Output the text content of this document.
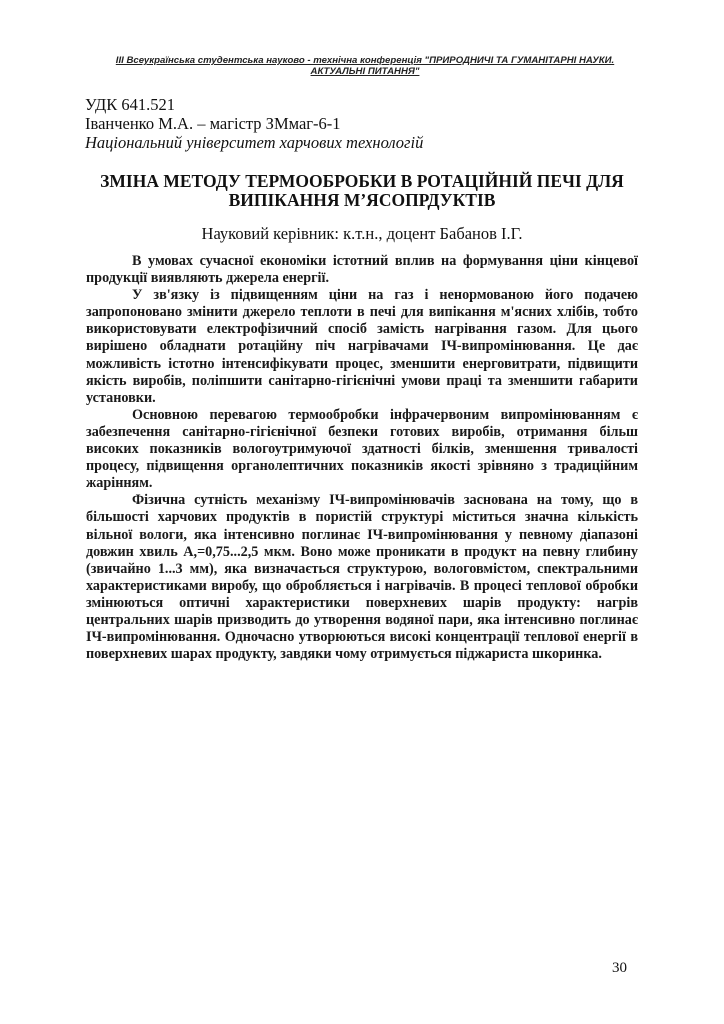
III Всеукраїнська студентська науково - технічна конференція "ПРИРОДНИЧІ ТА ГУМАНІТАРНІ НАУКИ.
АКТУАЛЬНІ ПИТАННЯ"
УДК 641.521
Іванченко М.А. – магістр ЗМмаг-6-1
Національний університет харчових технологій
ЗМІНА МЕТОДУ ТЕРМООБРОБКИ В РОТАЦІЙНІЙ ПЕЧІ ДЛЯ
ВИПІКАННЯ М’ЯСОПРДУКТІВ
Науковий керівник: к.т.н., доцент Бабанов І.Г.
В умовах сучасної економіки істотний вплив на формування ціни кінцевої
продукції виявляють джерела енергії.
У зв'язку із підвищенням ціни на газ і ненормованою його подачею
запропоновано змінити джерело теплоти в печі для випікання м'ясних хлібів, тобто
використовувати електрофізичний спосіб замість нагрівання газом. Для цього
вирішено обладнати ротаційну піч нагрівачами ІЧ-випромінювання. Це дає
можливість істотно інтенсифікувати процес, зменшити енерговитрати, підвищити
якість виробів, поліпшити санітарно-гігієнічні умови праці та зменшити габарити
установки.
Основною перевагою термообробки інфрачервоним випромінюванням є
забезпечення санітарно-гігієнічної безпеки готових виробів, отримання більш
високих показників вологоутримуючої здатності білків, зменшення тривалості
процесу, підвищення органолептичних показників якості зрівняно з традиційним
жарінням.
Фізична сутність механізму ІЧ-випромінювачів заснована на тому, що в
більшості харчових продуктів в пористій структурі міститься значна кількість
вільної вологи, яка інтенсивно поглинає ІЧ-випромінювання у певному діапазоні
довжин хвиль А,=0,75...2,5 мкм. Воно може проникати в продукт на певну глибину
(звичайно 1...3 мм), яка визначається структурою, вологовмістом, спектральними
характеристиками виробу, що обробляється і нагрівачів. В процесі теплової обробки
змінюються оптичні характеристики поверхневих шарів продукту: нагрів
центральних шарів призводить до утворення водяної пари, яка інтенсивно поглинає
ІЧ-випромінювання. Одночасно утворюються високі концентрації теплової енергії в
поверхневих шарах продукту, завдяки чому отримується піджариста шкоринка.
30
